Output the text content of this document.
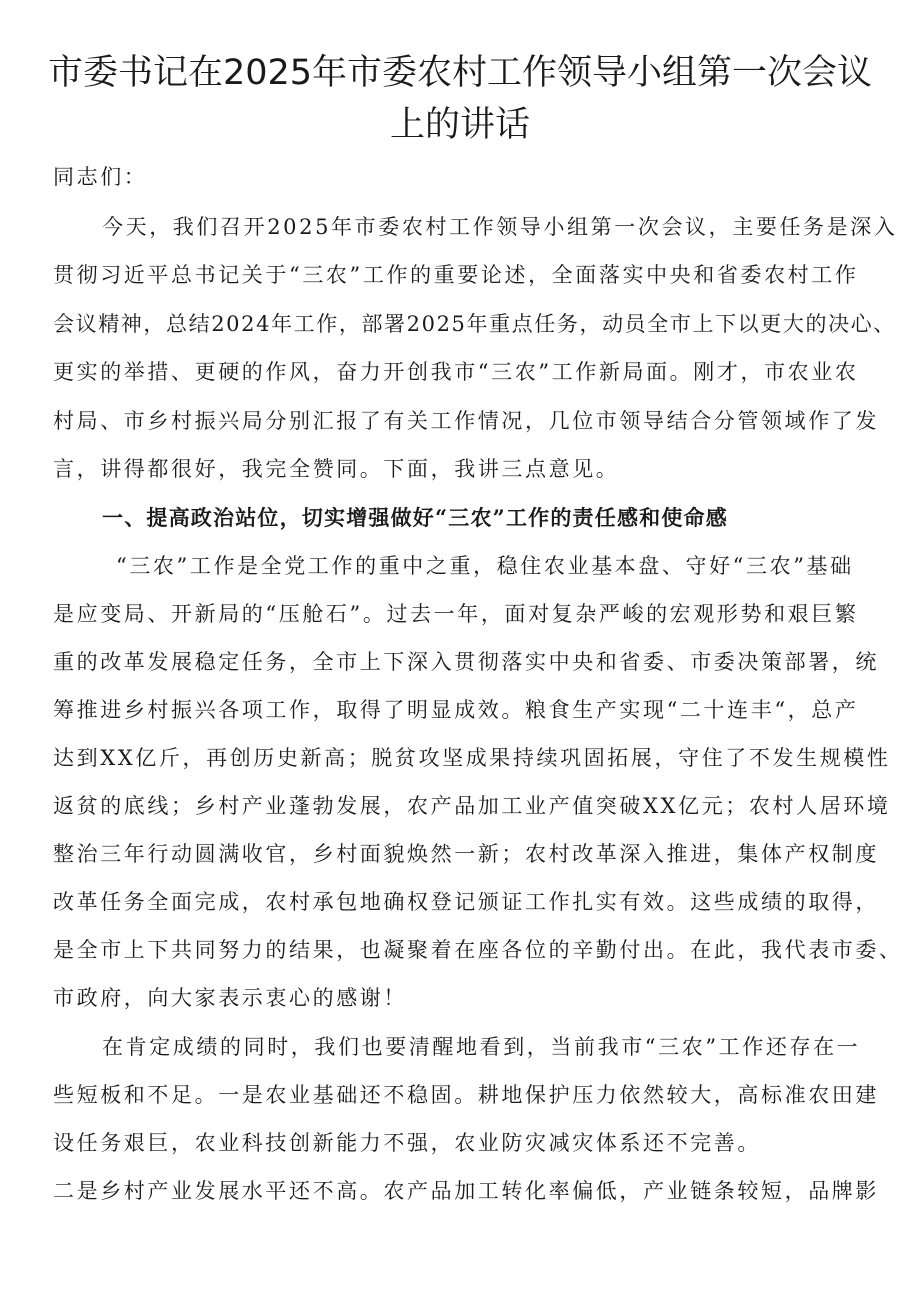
市委书记在2025年市委农村工作领导小组第一次会议
上的讲话
同志们：
今天，我们召开2025年市委农村工作领导小组第一次会议，主要任务是深入
贯彻习近平总书记关于“三农”工作的重要论述，全面落实中央和省委农村工作
会议精神，总结2024年工作，部署2025年重点任务，动员全市上下以更大的决心、
更实的举措、更硬的作风，奋力开创我市“三农”工作新局面。刚才，市农业农
村局、市乡村振兴局分别汇报了有关工作情况，几位市领导结合分管领域作了发
言，讲得都很好，我完全赞同。下面，我讲三点意见。
一、提高政治站位，切实增强做好“三农”工作的责任感和使命感
“三农”工作是全党工作的重中之重，稳住农业基本盘、守好“三农”基础
是应变局、开新局的“压舱石”。过去一年，面对复杂严峻的宏观形势和艰巨繁
重的改革发展稳定任务，全市上下深入贯彻落实中央和省委、市委决策部署，统
筹推进乡村振兴各项工作，取得了明显成效。粮食生产实现“二十连丰“，总产
达到XX亿斤，再创历史新高；脱贫攻坚成果持续巩固拓展，守住了不发生规模性
返贫的底线；乡村产业蓬勃发展，农产品加工业产值突破XX亿元；农村人居环境
整治三年行动圆满收官，乡村面貌焕然一新；农村改革深入推进，集体产权制度
改革任务全面完成，农村承包地确权登记颁证工作扎实有效。这些成绩的取得，
是全市上下共同努力的结果，也凝聚着在座各位的辛勤付出。在此，我代表市委、
市政府，向大家表示衷心的感谢！
在肯定成绩的同时，我们也要清醒地看到，当前我市“三农”工作还存在一
些短板和不足。一是农业基础还不稳固。耕地保护压力依然较大，高标准农田建
设任务艰巨，农业科技创新能力不强，农业防灾减灾体系还不完善。
二是乡村产业发展水平还不高。农产品加工转化率偏低，产业链条较短，品牌影
